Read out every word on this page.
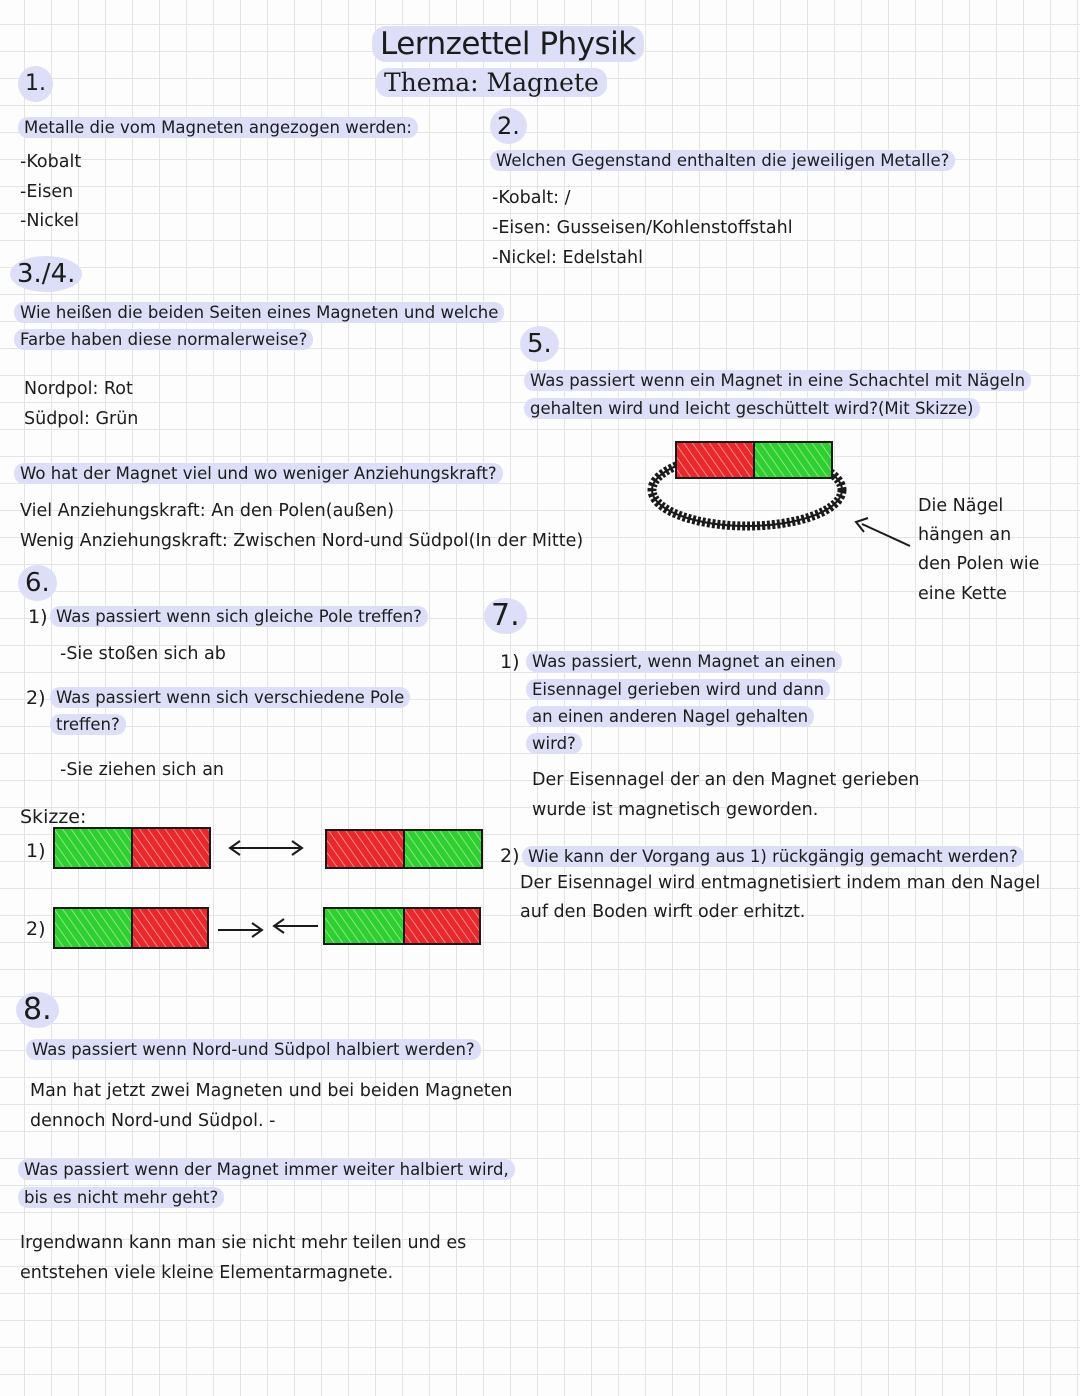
Lernzettel Physik
Thema: Magnete
1.
Metalle die vom Magneten angezogen werden:
-Kobalt
-Eisen
-Nickel
2.
Welchen Gegenstand enthalten die jeweiligen Metalle?
-Kobalt: /
-Eisen: Gusseisen/Kohlenstoffstahl
-Nickel: Edelstahl
3./4.
Wie heißen die beiden Seiten eines Magneten und welche
Farbe haben diese normalerweise?
Nordpol: Rot
Südpol: Grün
Wo hat der Magnet viel und wo weniger Anziehungskraft?
Viel Anziehungskraft: An den Polen(außen)
Wenig Anziehungskraft: Zwischen Nord-und Südpol(In der Mitte)
5.
Was passiert wenn ein Magnet in eine Schachtel mit Nägeln
gehalten wird und leicht geschüttelt wird?(Mit Skizze)
Die Nägel
hängen an
den Polen wie
eine Kette
6.
1) Was passiert wenn sich gleiche Pole treffen?
-Sie stoßen sich ab
2) Was passiert wenn sich verschiedene Pole
treffen?
-Sie ziehen sich an
Skizze:
1)
2)
7.
1) Was passiert, wenn Magnet an einen
Eisennagel gerieben wird und dann
an einen anderen Nagel gehalten
wird?
Der Eisennagel der an den Magnet gerieben
wurde ist magnetisch geworden.
2) Wie kann der Vorgang aus 1) rückgängig gemacht werden?
Der Eisennagel wird entmagnetisiert indem man den Nagel
auf den Boden wirft oder erhitzt.
8.
Was passiert wenn Nord-und Südpol halbiert werden?
Man hat jetzt zwei Magneten und bei beiden Magneten
dennoch Nord-und Südpol. -
Was passiert wenn der Magnet immer weiter halbiert wird,
bis es nicht mehr geht?
Irgendwann kann man sie nicht mehr teilen und es
entstehen viele kleine Elementarmagnete.
